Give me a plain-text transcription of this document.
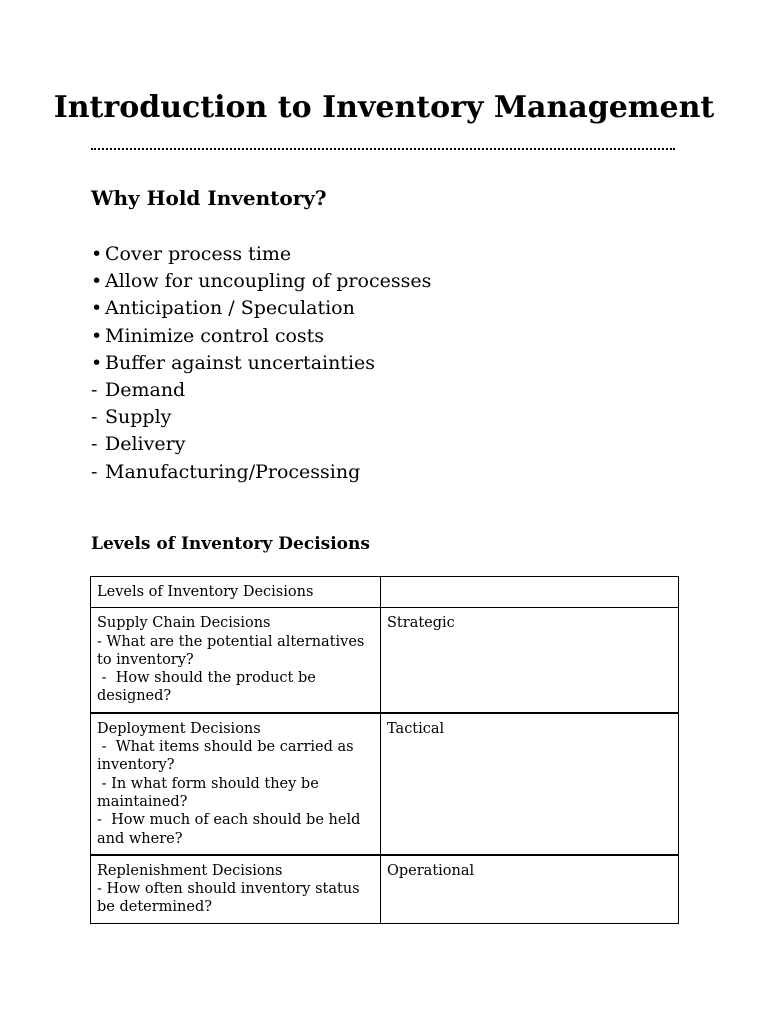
Introduction to Inventory Management
Why Hold Inventory?
• Cover process time
• Allow for uncoupling of processes
• Anticipation / Speculation
• Minimize control costs
• Buffer against uncertainties
- Demand
- Supply
- Delivery
- Manufacturing/Processing
Levels of Inventory Decisions
Levels of Inventory Decisions	

Supply Chain Decisions
- What are the potential alternatives to inventory?
-  How should the product be designed?	Strategic

Deployment Decisions
-  What items should be carried as inventory?
- In what form should they be maintained?
-  How much of each should be held and where?	Tactical

Replenishment Decisions
- How often should inventory status be determined?	Operational
